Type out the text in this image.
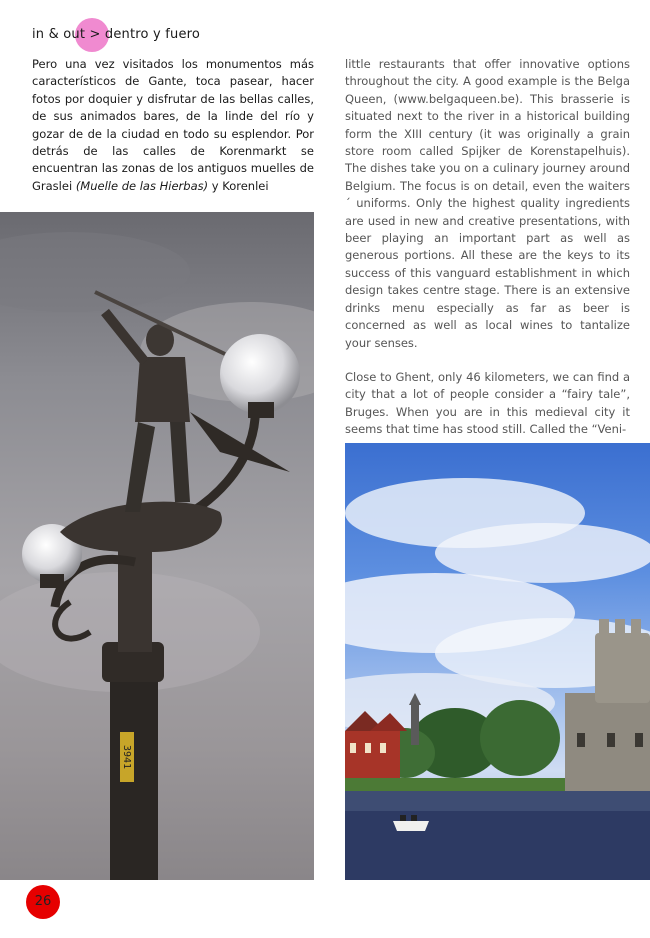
in & out > dentro y fuero

Pero una vez visitados los monumentos más característicos de Gante, toca pasear, hacer fotos por doquier y disfrutar de las bellas calles, de sus animados bares, de la linde del río y gozar de de la ciudad en todo su esplendor. Por detrás de las calles de Korenmarkt se encuentran las zonas de los antiguos muelles de Graslei (Muelle de las Hierbas) y Korenlei

little restaurants that offer innovative options throughout the city. A good example is the Belga Queen, (www.belgaqueen.be). This brasserie is situated next to the river in a historical building form the XIII century (it was originally a grain store room called Spijker de Korenstapelhuis). The dishes take you on a culinary journey around Belgium. The focus is on detail, even the waiters´ uniforms. Only the highest quality ingredients are used in new and creative presentations, with beer playing an important part as well as generous portions. All these are the keys to its success of this vanguard establishment in which design takes centre stage. There is an extensive drinks menu especially as far as beer is concerned as well as local wines to tantalize your senses.

Close to Ghent, only 46 kilometers, we can find a city that a lot of people consider a “fairy tale”, Bruges. When you are in this medieval city it seems that time has stood still. Called the “Veni-

3941
26
